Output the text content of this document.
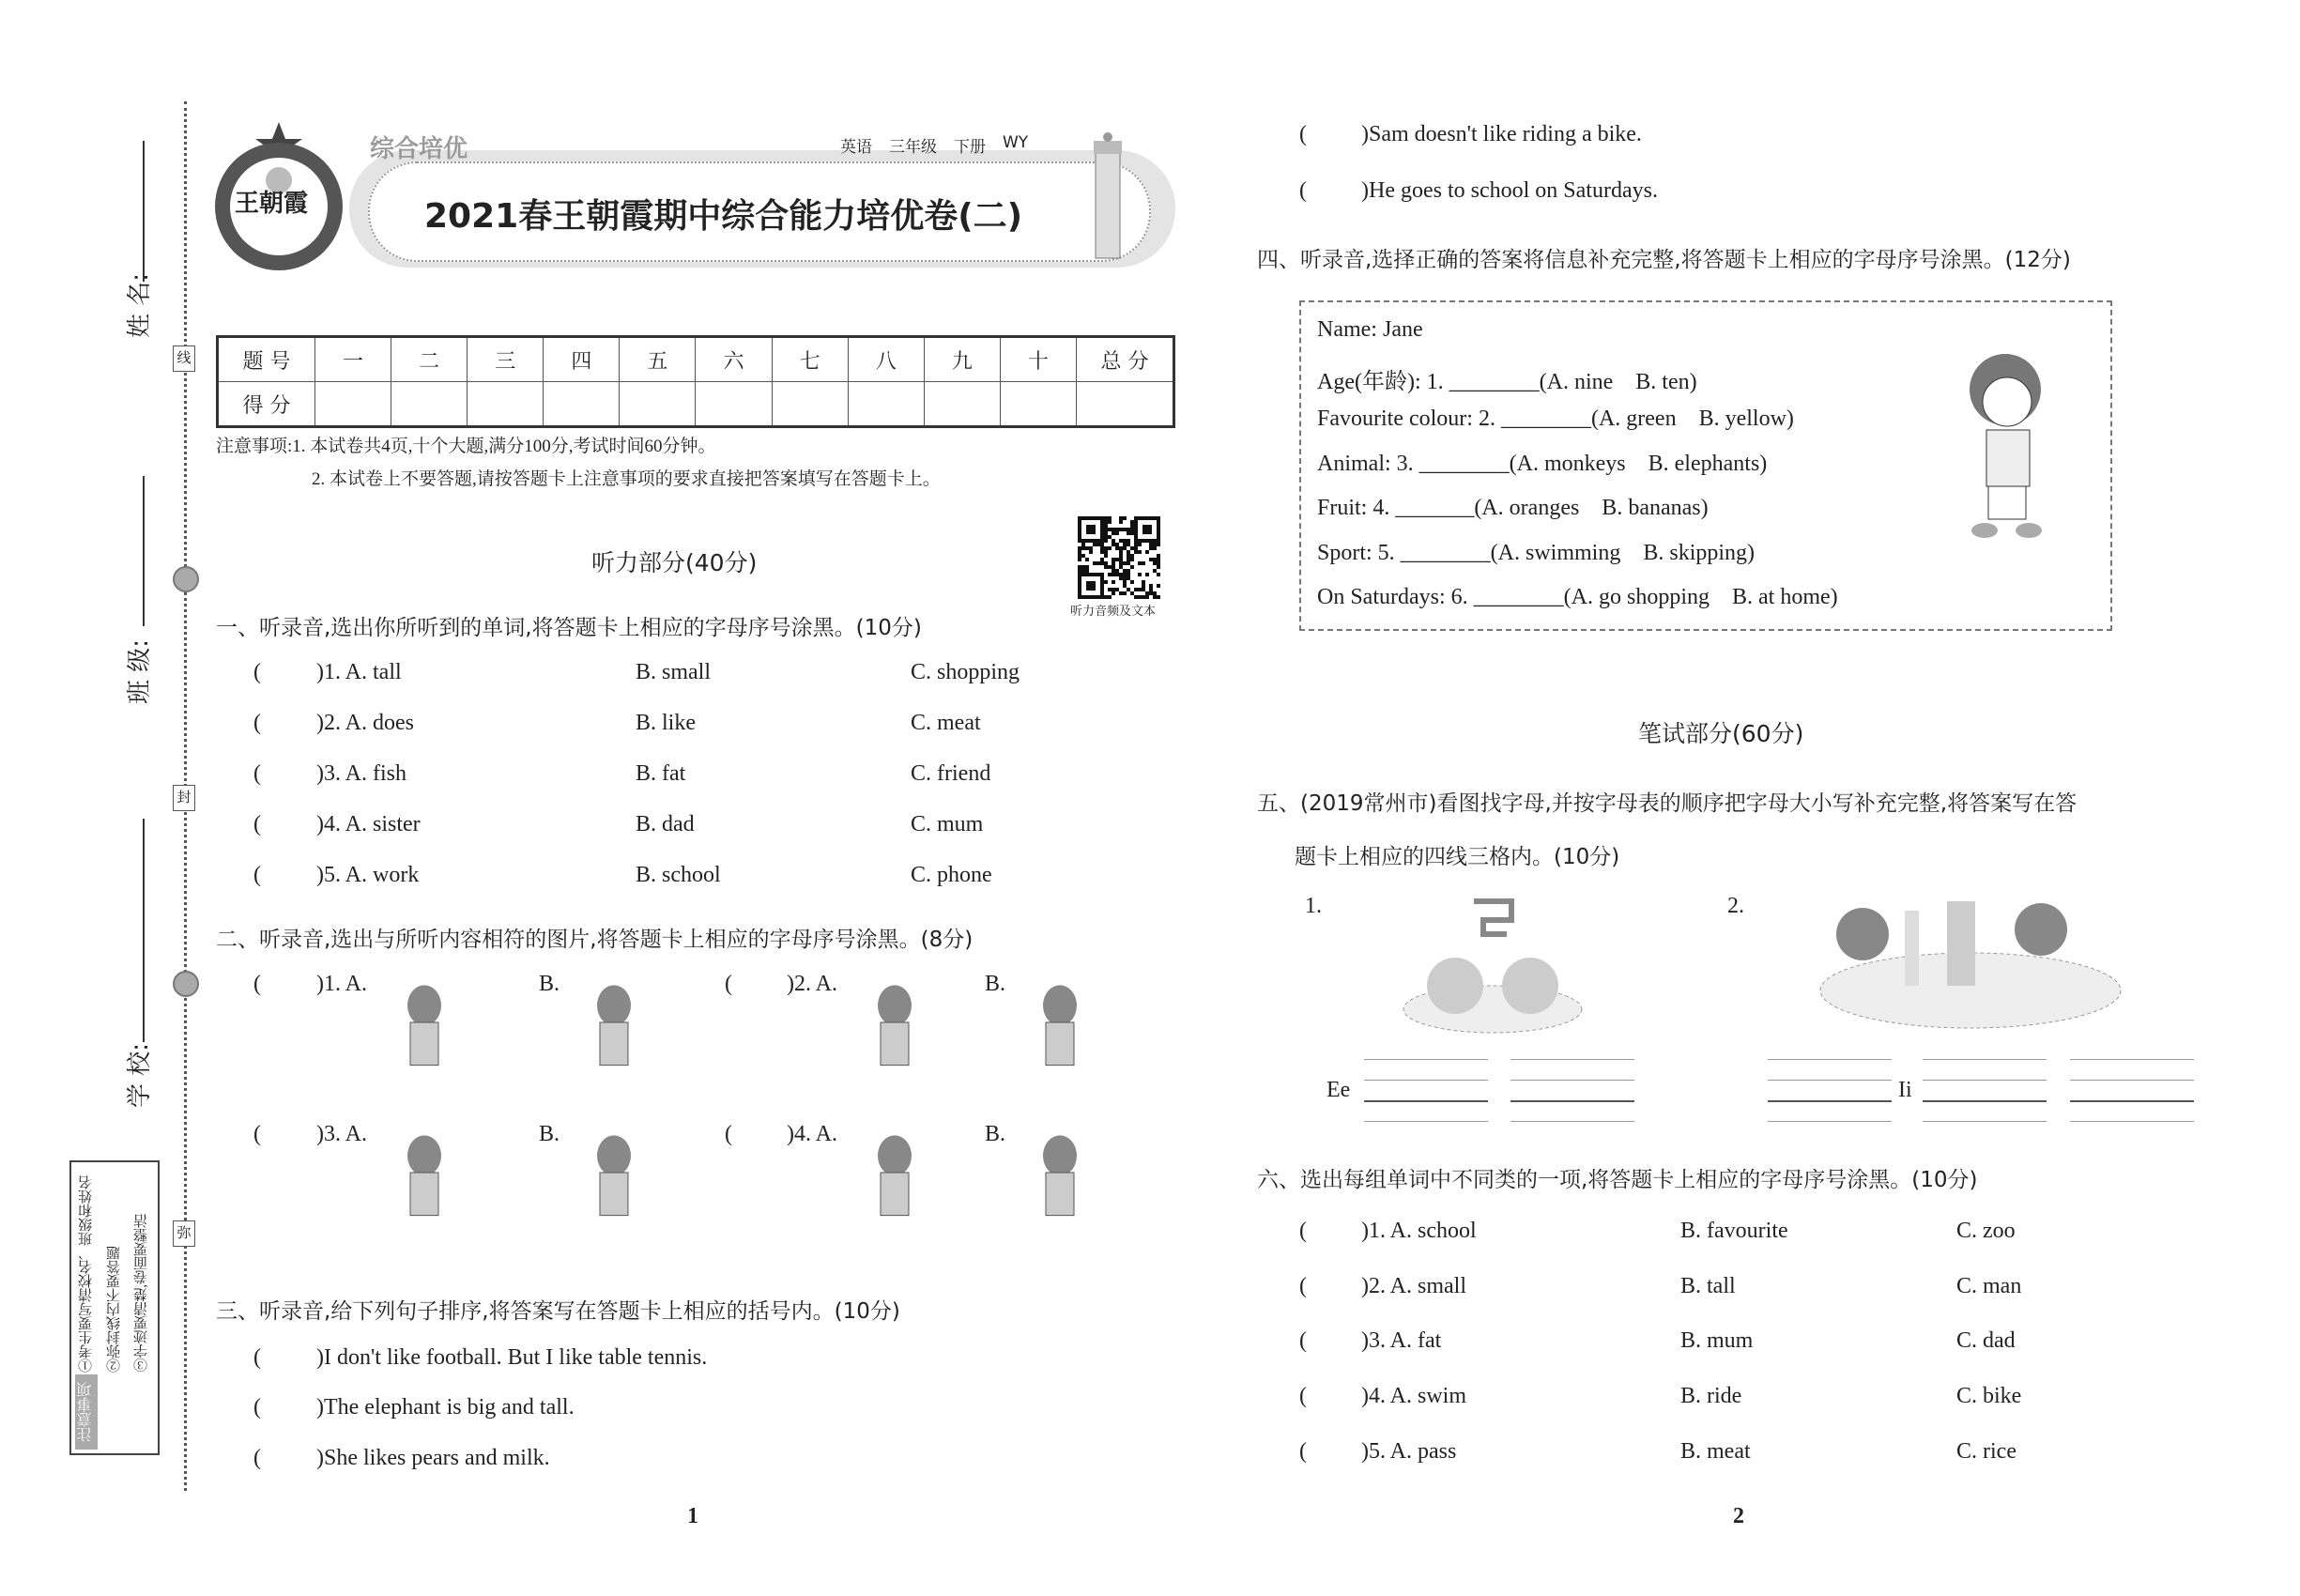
线
封
弥
姓 名:
班 级:
学 校:
注意事项
①考生要写清校名、班级和姓名 ②弥封线内不要答题 ③字迹要清楚,卷面要整洁
王朝霞
综合培优	英语 三年级 下册 WY
2021春王朝霞期中综合能力培优卷(二)
题 号	一	二	三	四	五	六	七	八	九	十	总 分
得 分											
注意事项:1. 本试卷共4页,十个大题,满分100分,考试时间60分钟。
2. 本试卷上不要答题,请按答题卡上注意事项的要求直接把答案填写在答题卡上。
听力音频及文本
听力部分(40分)
一、听录音,选出你所听到的单词,将答题卡上相应的字母序号涂黑。(10分)
( )1. A. tall	B. small	C. shopping
( )2. A. does	B. like	C. meat
( )3. A. fish	B. fat	C. friend
( )4. A. sister	B. dad	C. mum
( )5. A. work	B. school	C. phone
二、听录音,选出与所听内容相符的图片,将答题卡上相应的字母序号涂黑。(8分)
( )1. A.	B.	( )2. A.	B.
( )3. A.	B.	( )4. A.	B.
三、听录音,给下列句子排序,将答案写在答题卡上相应的括号内。(10分)
( )I don't like football. But I like table tennis.
( )The elephant is big and tall.
( )She likes pears and milk.
( )Sam doesn't like riding a bike.
( )He goes to school on Saturdays.
四、听录音,选择正确的答案将信息补充完整,将答题卡上相应的字母序号涂黑。(12分)
Name: Jane
Age(年龄): 1. ________(A. nine    B. ten)
Favourite colour: 2. ________(A. green    B. yellow)
Animal: 3. ________(A. monkeys    B. elephants)
Fruit: 4. _______(A. oranges    B. bananas)
Sport: 5. ________(A. swimming    B. skipping)
On Saturdays: 6. ________(A. go shopping    B. at home)
五、(2019常州市)看图找字母,并按字母表的顺序把字母大小写补充完整,将答案写在答
题卡上相应的四线三格内。(10分)
1.	2.
Ee	Ii
六、选出每组单词中不同类的一项,将答题卡上相应的字母序号涂黑。(10分)
( )1. A. school	B. favourite	C. zoo
( )2. A. small	B. tall	C. man
( )3. A. fat	B. mum	C. dad
( )4. A. swim	B. ride	C. bike
( )5. A. pass	B. meat	C. rice
笔试部分(60分)
1	2
